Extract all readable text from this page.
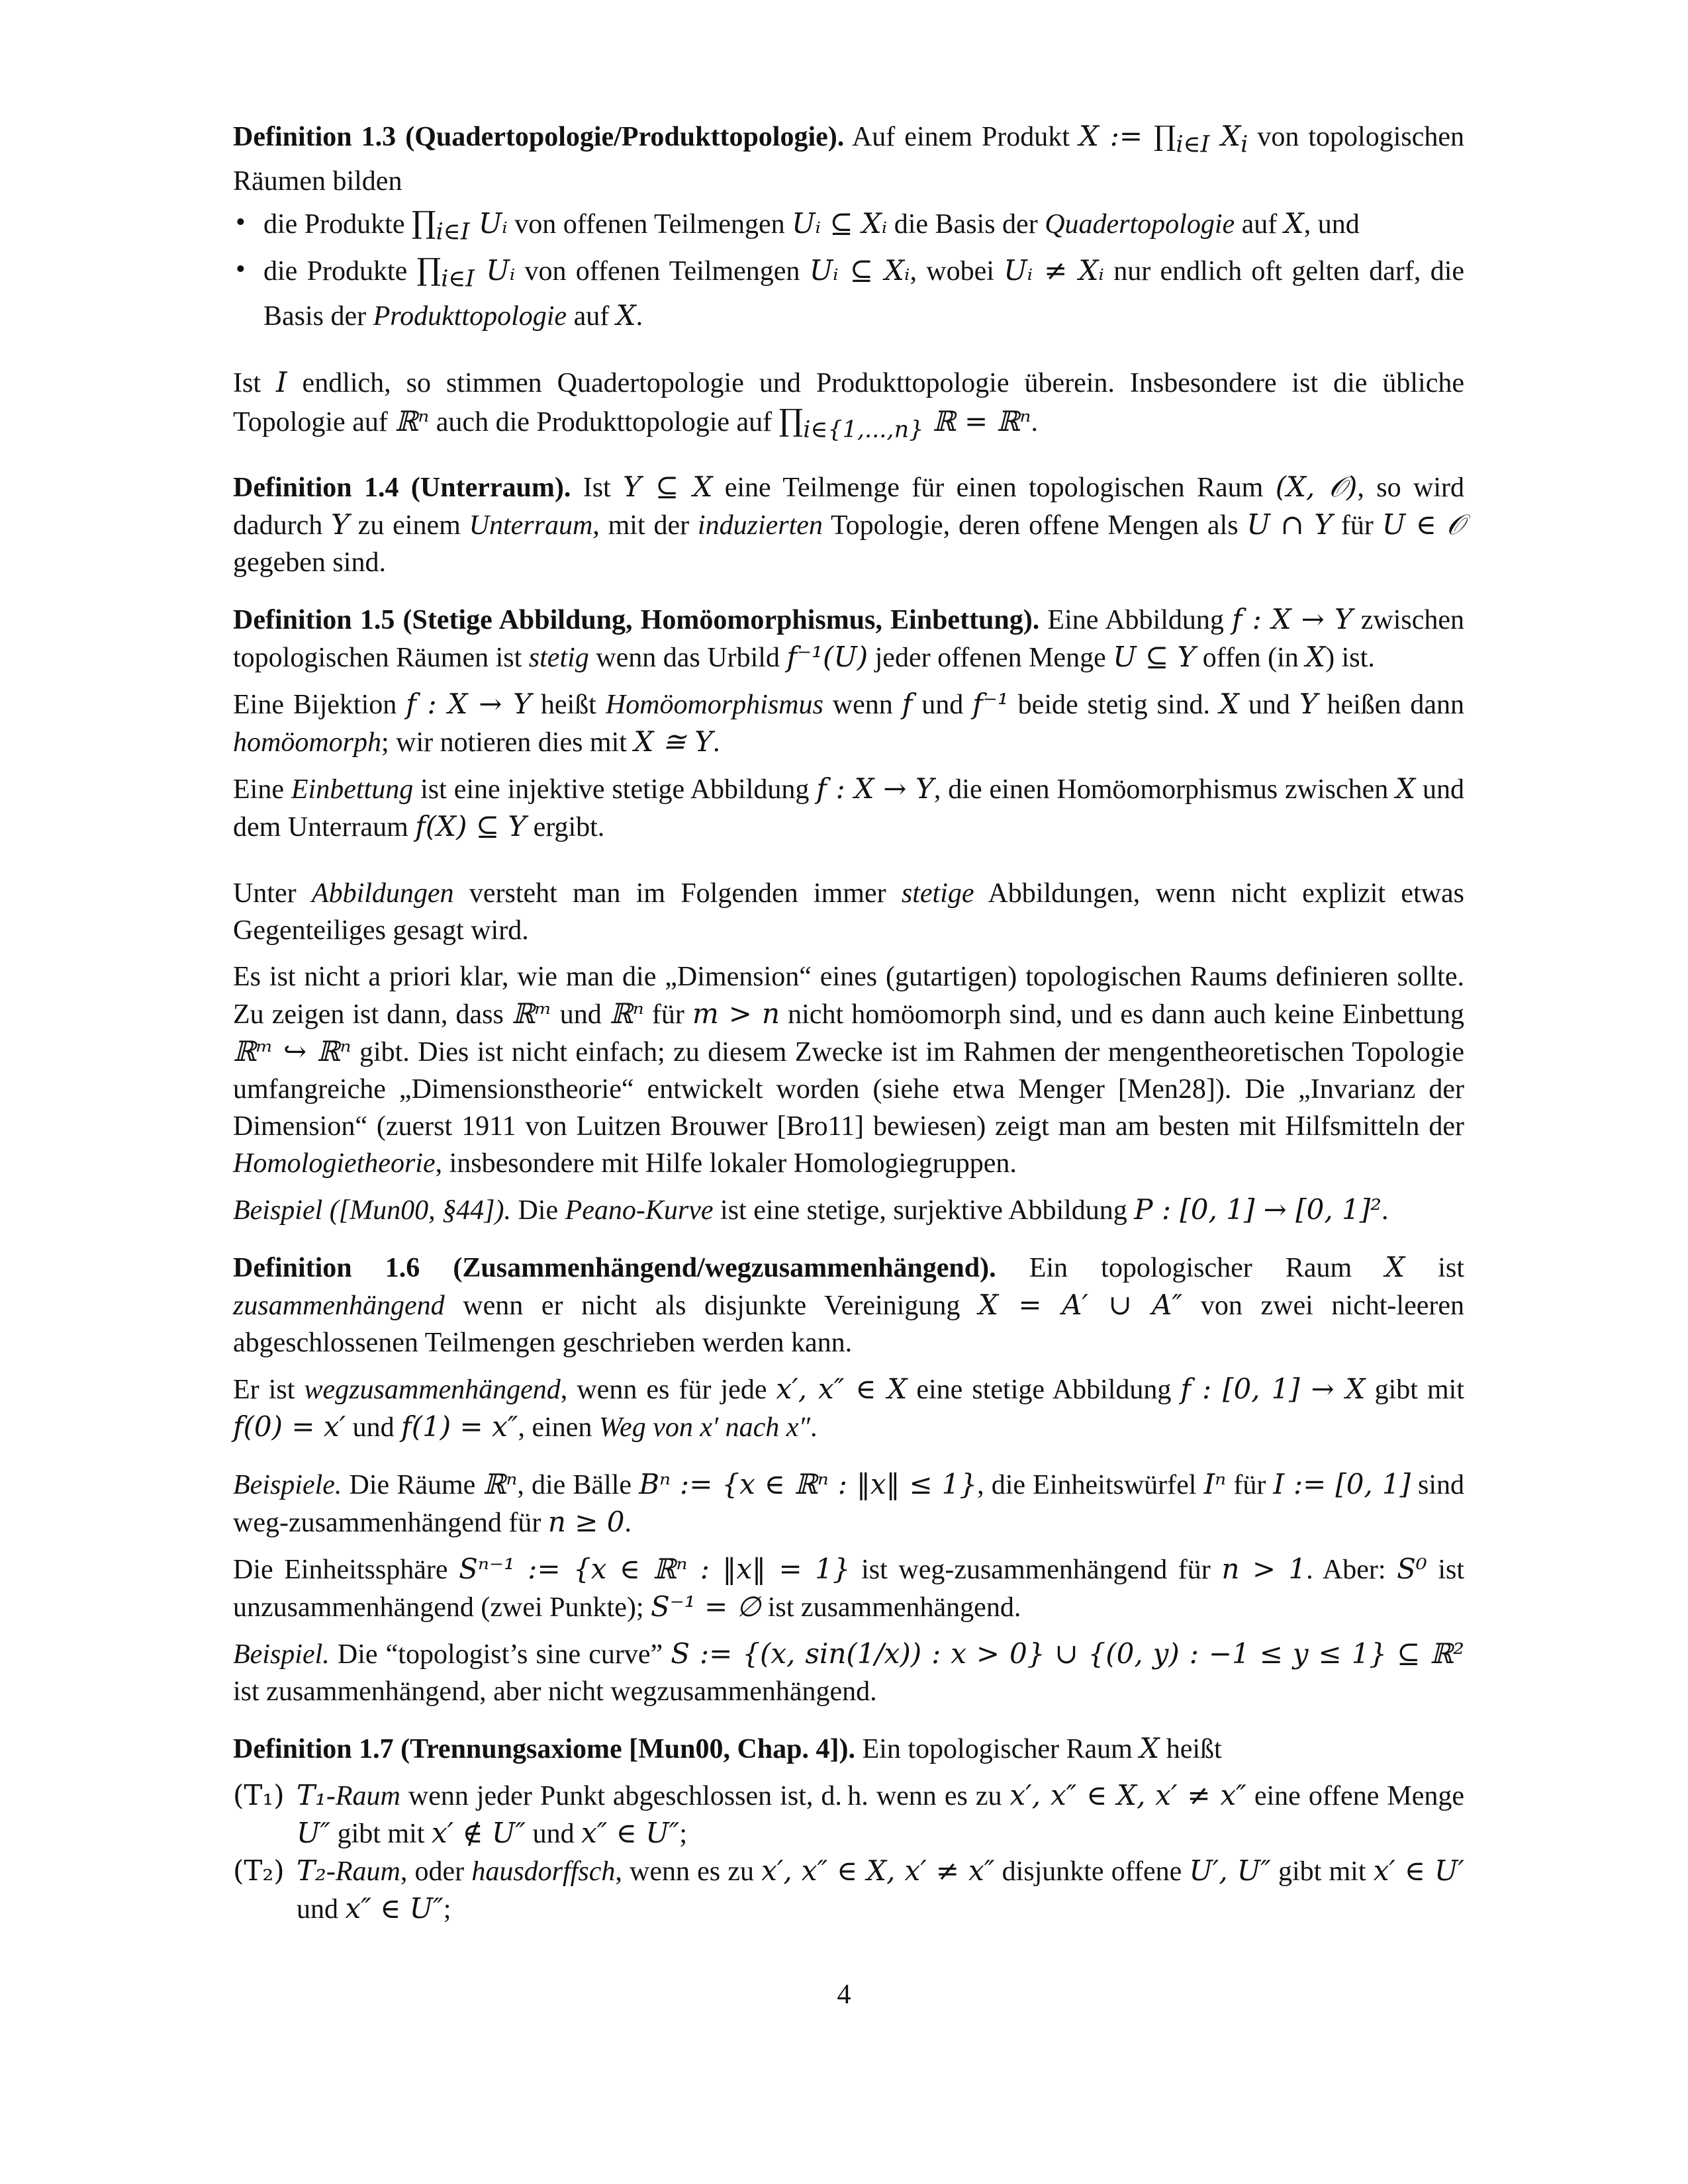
Definition 1.3 (Quadertopologie/Produkttopologie). Auf einem Produkt X := $\prod_{i\in I}$ $X_i$ von topologischen Räumen bilden

• die Produkte $\prod_{i\in I}$ Uᵢ von offenen Teilmengen Uᵢ ⊆ Xᵢ die Basis der Quadertopologie auf X, und
• die Produkte $\prod_{i\in I}$ Uᵢ von offenen Teilmengen Uᵢ ⊆ Xᵢ, wobei Uᵢ ≠ Xᵢ nur endlich oft gelten darf, die Basis der Produkttopologie auf X.

Ist I endlich, so stimmen Quadertopologie und Produkttopologie überein. Insbesondere ist die übliche Topologie auf ℝⁿ auch die Produkttopologie auf $\prod_{i\in\{1,...,n\}}$ ℝ = ℝⁿ.

Definition 1.4 (Unterraum). Ist Y ⊆ X eine Teilmenge für einen topologischen Raum (X, 𝒪), so wird dadurch Y zu einem Unterraum, mit der induzierten Topologie, deren offene Mengen als U ∩ Y für U ∈ 𝒪 gegeben sind.

Definition 1.5 (Stetige Abbildung, Homöomorphismus, Einbettung). Eine Abbildung f : X → Y zwischen topologischen Räumen ist stetig wenn das Urbild f⁻¹(U) jeder offenen Menge U ⊆ Y offen (in X) ist.

Eine Bijektion f : X → Y heißt Homöomorphismus wenn f und f⁻¹ beide stetig sind. X und Y heißen dann homöomorph; wir notieren dies mit X ≅ Y.

Eine Einbettung ist eine injektive stetige Abbildung f : X → Y, die einen Homöomorphismus zwischen X und dem Unterraum f(X) ⊆ Y ergibt.

Unter Abbildungen versteht man im Folgenden immer stetige Abbildungen, wenn nicht explizit etwas Gegenteiliges gesagt wird.

Es ist nicht a priori klar, wie man die „Dimension“ eines (gutartigen) topologischen Raums definieren sollte. Zu zeigen ist dann, dass ℝᵐ und ℝⁿ für m > n nicht homöomorph sind, und es dann auch keine Einbettung ℝᵐ ↪ ℝⁿ gibt. Dies ist nicht einfach; zu diesem Zwecke ist im Rahmen der mengentheoretischen Topologie umfangreiche „Dimensionstheorie“ entwickelt worden (siehe etwa Menger [Men28]). Die „Invarianz der Dimension“ (zuerst 1911 von Luitzen Brouwer [Bro11] bewiesen) zeigt man am besten mit Hilfsmitteln der Homologietheorie, insbesondere mit Hilfe lokaler Homologiegruppen.

Beispiel ([Mun00, §44]). Die Peano-Kurve ist eine stetige, surjektive Abbildung P : [0, 1] → [0, 1]².

Definition 1.6 (Zusammenhängend/wegzusammenhängend). Ein topologischer Raum X ist zusammenhängend wenn er nicht als disjunkte Vereinigung X = A′ ∪ A″ von zwei nicht-leeren abgeschlossenen Teilmengen geschrieben werden kann.

Er ist wegzusammenhängend, wenn es für jede x′, x″ ∈ X eine stetige Abbildung f : [0, 1] → X gibt mit f(0) = x′ und f(1) = x″, einen Weg von x′ nach x″.

Beispiele. Die Räume ℝⁿ, die Bälle Bⁿ := {x ∈ ℝⁿ : ‖x‖ ≤ 1}, die Einheitswürfel Iⁿ für I := [0, 1] sind weg-zusammenhängend für n ≥ 0.

Die Einheitssphäre Sⁿ⁻¹ := {x ∈ ℝⁿ : ‖x‖ = 1} ist weg-zusammenhängend für n > 1. Aber: S⁰ ist unzusammenhängend (zwei Punkte); S⁻¹ = ∅ ist zusammenhängend.

Beispiel. Die “topologist’s sine curve” S := {(x, sin(1/x)) : x > 0} ∪ {(0, y) : −1 ≤ y ≤ 1} ⊆ ℝ² ist zusammenhängend, aber nicht wegzusammenhängend.

Definition 1.7 (Trennungsaxiome [Mun00, Chap. 4]). Ein topologischer Raum X heißt

(T₁) T₁-Raum wenn jeder Punkt abgeschlossen ist, d. h. wenn es zu x′, x″ ∈ X, x′ ≠ x″ eine offene Menge U″ gibt mit x′ ∉ U″ und x″ ∈ U″;
(T₂) T₂-Raum, oder hausdorffsch, wenn es zu x′, x″ ∈ X, x′ ≠ x″ disjunkte offene U′, U″ gibt mit x′ ∈ U′ und x″ ∈ U″;
4
